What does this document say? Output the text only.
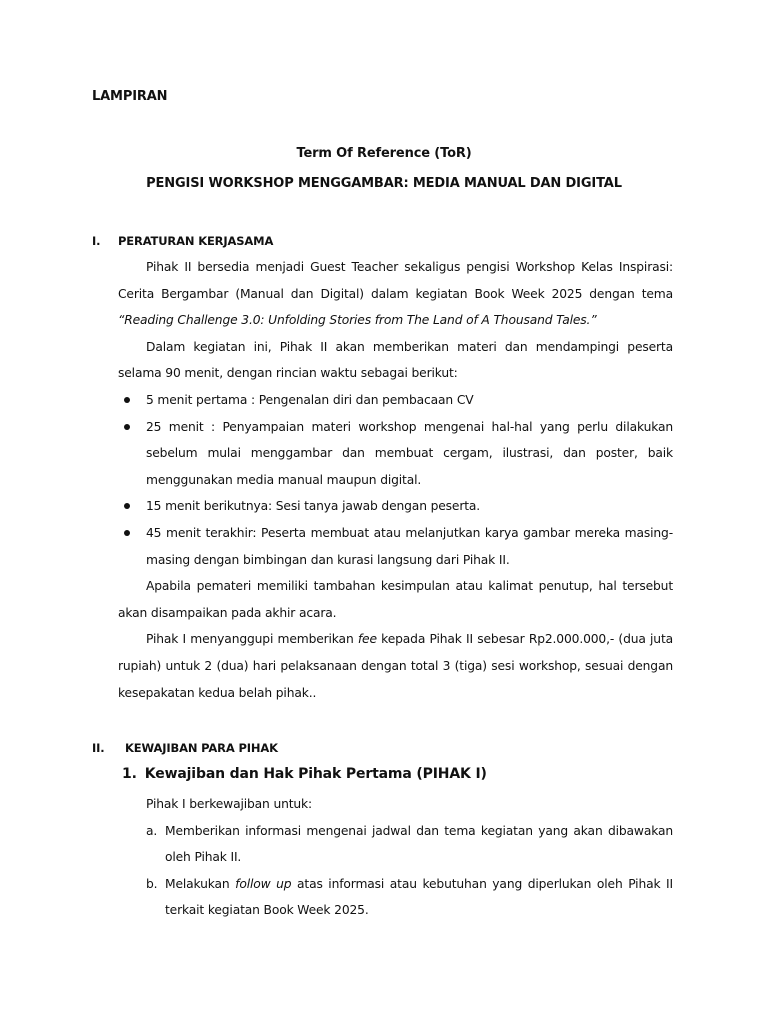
LAMPIRAN

Term Of Reference (ToR)

PENGISI WORKSHOP MENGGAMBAR: MEDIA MANUAL DAN DIGITAL

I. PERATURAN KERJASAMA

Pihak II bersedia menjadi Guest Teacher sekaligus pengisi Workshop Kelas Inspirasi: Cerita Bergambar (Manual dan Digital) dalam kegiatan Book Week 2025 dengan tema “Reading Challenge 3.0: Unfolding Stories from The Land of A Thousand Tales.”

Dalam kegiatan ini, Pihak II akan memberikan materi dan mendampingi peserta selama 90 menit, dengan rincian waktu sebagai berikut:

5 menit pertama : Pengenalan diri dan pembacaan CV
25 menit : Penyampaian materi workshop mengenai hal-hal yang perlu dilakukan sebelum mulai menggambar dan membuat cergam, ilustrasi, dan poster, baik menggunakan media manual maupun digital.
15 menit berikutnya: Sesi tanya jawab dengan peserta.
45 menit terakhir: Peserta membuat atau melanjutkan karya gambar mereka masing-masing dengan bimbingan dan kurasi langsung dari Pihak II.

Apabila pemateri memiliki tambahan kesimpulan atau kalimat penutup, hal tersebut akan disampaikan pada akhir acara.

Pihak I menyanggupi memberikan fee kepada Pihak II sebesar Rp2.000.000,- (dua juta rupiah) untuk 2 (dua) hari pelaksanaan dengan total 3 (tiga) sesi workshop, sesuai dengan kesepakatan kedua belah pihak..

II. KEWAJIBAN PARA PIHAK

1. Kewajiban dan Hak Pihak Pertama (PIHAK I)

Pihak I berkewajiban untuk:

a. Memberikan informasi mengenai jadwal dan tema kegiatan yang akan dibawakan oleh Pihak II.
b. Melakukan follow up atas informasi atau kebutuhan yang diperlukan oleh Pihak II terkait kegiatan Book Week 2025.
